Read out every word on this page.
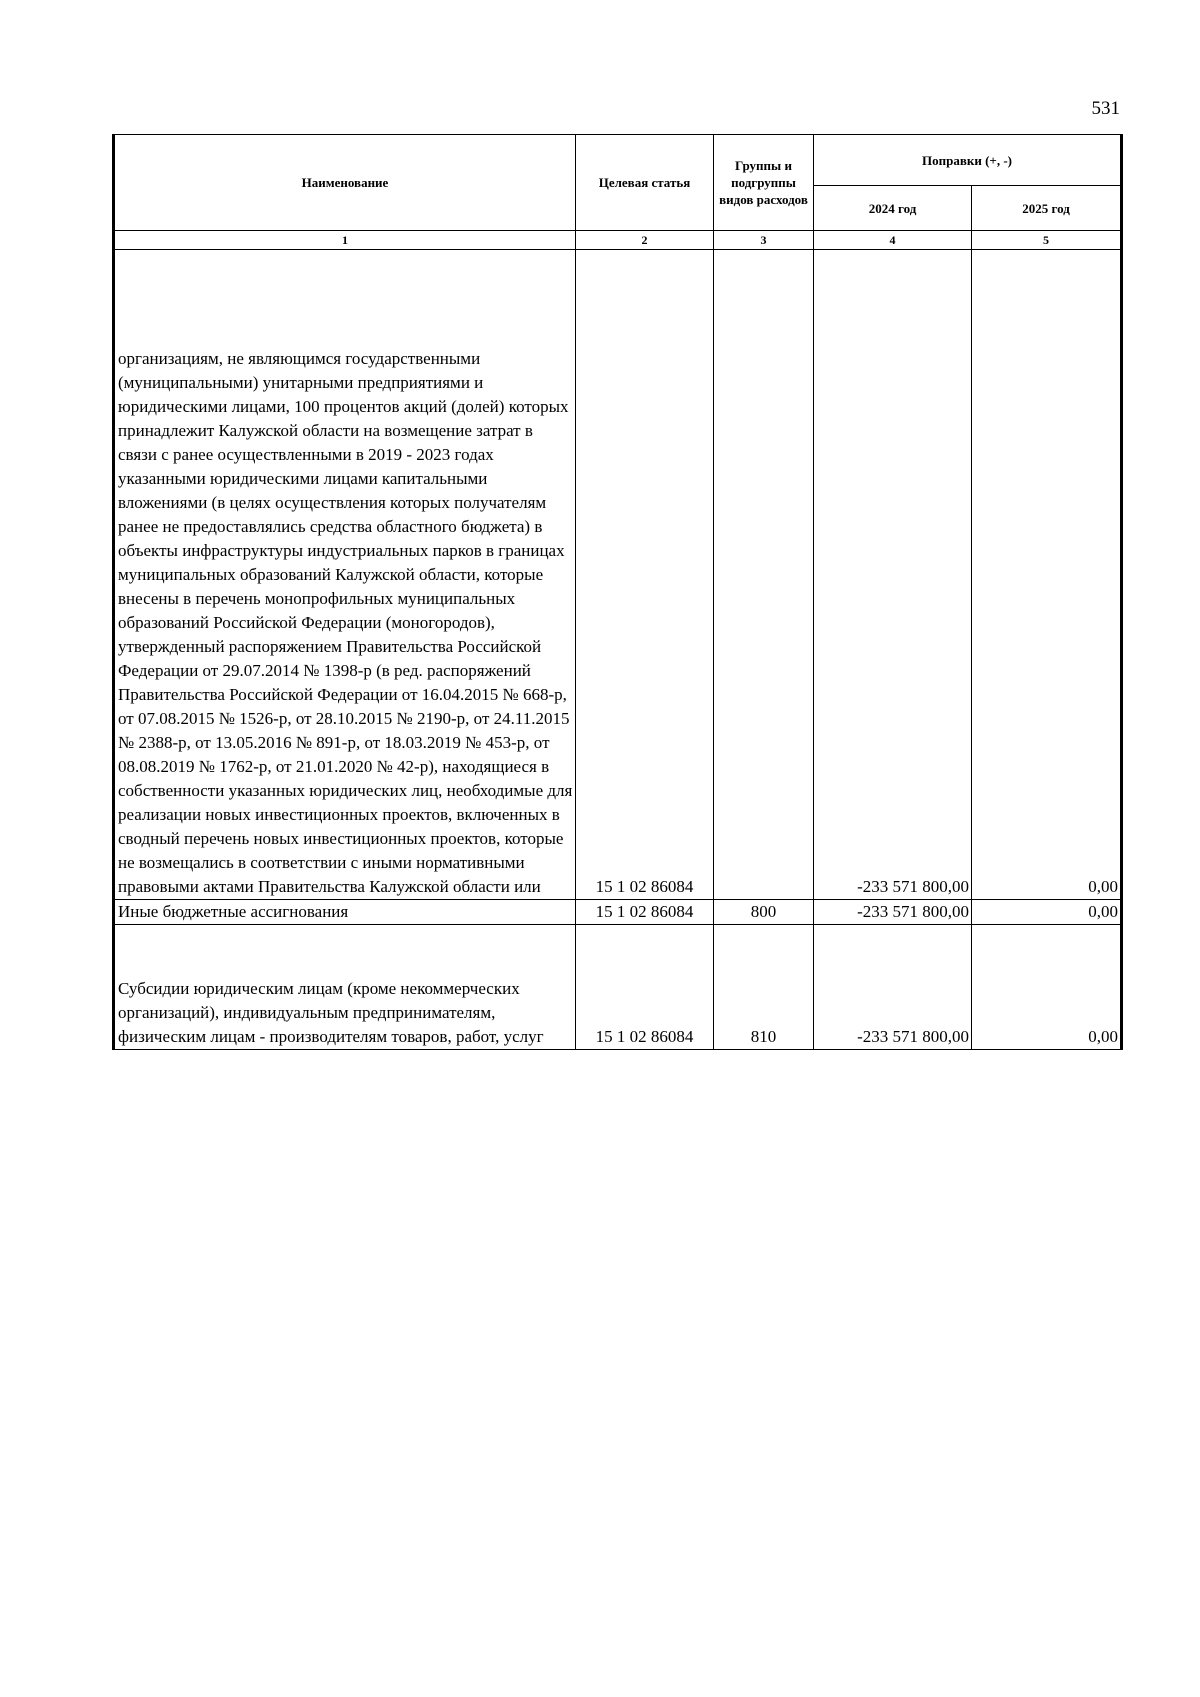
531
Наименование	Целевая статья	Группы и подгруппы видов расходов	Поправки (+, -)	
			2024 год	2025 год
1	2	3	4	5
организациям, не являющимся государственными (муниципальными) унитарными предприятиями и юридическими лицами, 100 процентов акций (долей) которых принадлежит Калужской области на возмещение затрат в связи с ранее осуществленными в 2019 - 2023 годах указанными юридическими лицами капитальными вложениями (в целях осуществления которых получателям ранее не предоставлялись средства областного бюджета) в объекты инфраструктуры индустриальных парков в границах муниципальных образований Калужской области, которые внесены в перечень монопрофильных муниципальных образований Российской Федерации (моногородов), утвержденный распоряжением Правительства Российской Федерации от 29.07.2014 № 1398-р (в ред. распоряжений Правительства Российской Федерации от 16.04.2015 № 668-р, от 07.08.2015 № 1526-р, от 28.10.2015 № 2190-р, от 24.11.2015 № 2388-р, от 13.05.2016 № 891-р, от 18.03.2019 № 453-р, от 08.08.2019 № 1762-р, от 21.01.2020 № 42-р), находящиеся в собственности указанных юридических лиц, необходимые для реализации новых инвестиционных проектов, включенных в сводный перечень новых инвестиционных проектов, которые не возмещались в соответствии с иными нормативными правовыми актами Правительства Калужской области или	15 1 02 86084		-233 571 800,00	0,00
Иные бюджетные ассигнования	15 1 02 86084	800	-233 571 800,00	0,00
Субсидии юридическим лицам (кроме некоммерческих организаций), индивидуальным предпринимателям, физическим лицам - производителям товаров, работ, услуг	15 1 02 86084	810	-233 571 800,00	0,00
